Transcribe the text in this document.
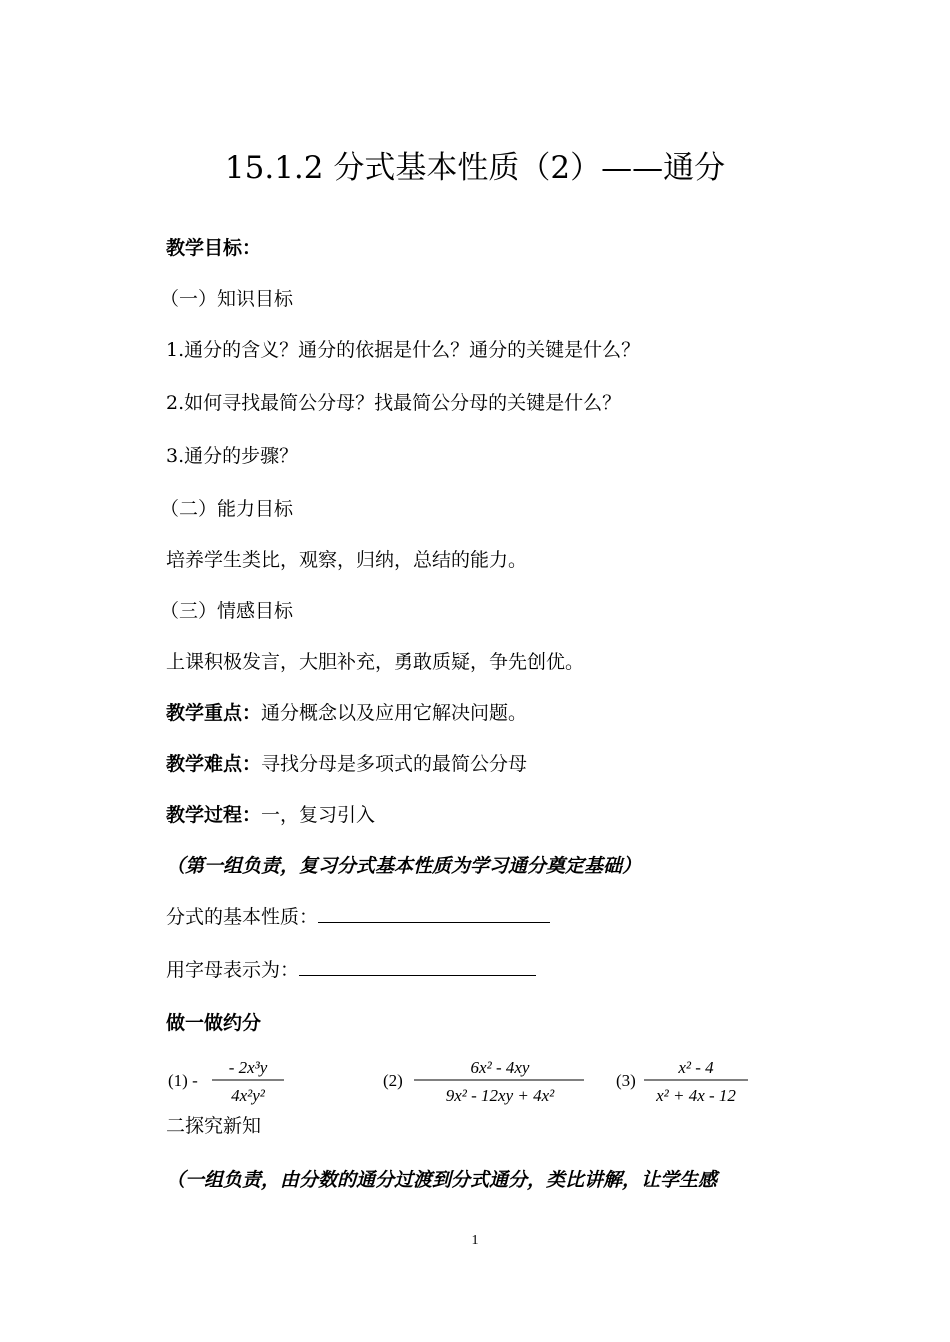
15.1.2 分式基本性质（2）——通分
教学目标：
（一）知识目标
1.通分的含义？通分的依据是什么？通分的关键是什么？
2.如何寻找最简公分母？找最简公分母的关键是什么？
3.通分的步骤？
（二）能力目标
培养学生类比，观察，归纳，总结的能力。
（三）情感目标
上课积极发言，大胆补充，勇敢质疑，争先创优。
教学重点：通分概念以及应用它解决问题。
教学难点：寻找分母是多项式的最简公分母
教学过程：一，复习引入
（第一组负责，复习分式基本性质为学习通分奠定基础）
分式的基本性质：
用字母表示为：
做一做约分
(1) -
- 2x³y
4x²y²
(2)
6x² - 4xy
9x² - 12xy + 4x²
(3)
x² - 4
x² + 4x - 12
二探究新知
（一组负责，由分数的通分过渡到分式通分，类比讲解，让学生感
1
